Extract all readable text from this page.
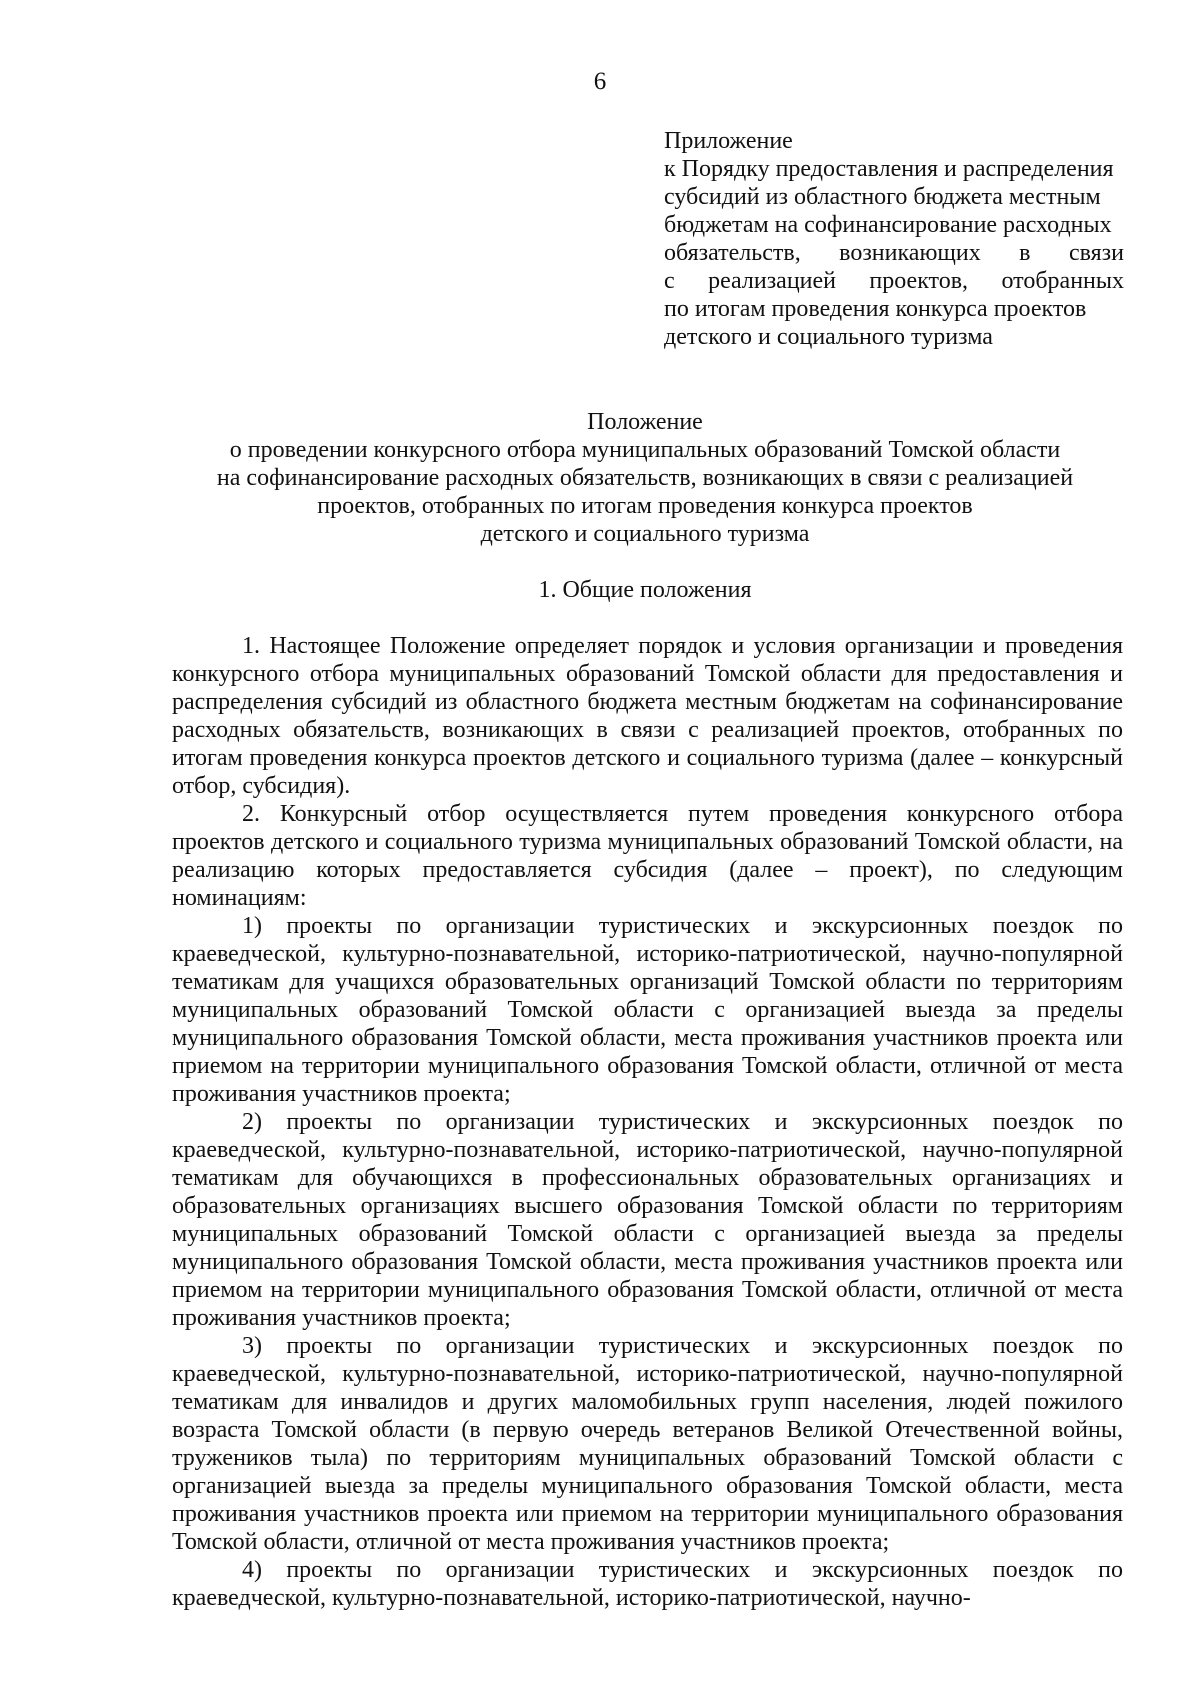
6
Приложение
к Порядку предоставления и распределения
субсидий из областного бюджета местным
бюджетам на софинансирование расходных
обязательств, возникающих в связи
с реализацией проектов, отобранных
по итогам проведения конкурса проектов
детского и социального туризма
Положение
о проведении конкурсного отбора муниципальных образований Томской области
на софинансирование расходных обязательств, возникающих в связи с реализацией
проектов, отобранных по итогам проведения конкурса проектов
детского и социального туризма
1. Общие положения

1. Настоящее Положение определяет порядок и условия организации и проведения конкурсного отбора муниципальных образований Томской области для предоставления и распределения субсидий из областного бюджета местным бюджетам на софинансирование расходных обязательств, возникающих в связи с реализацией проектов, отобранных по итогам проведения конкурса проектов детского и социального туризма (далее – конкурсный отбор, субсидия).

2. Конкурсный отбор осуществляется путем проведения конкурсного отбора проектов детского и социального туризма муниципальных образований Томской области, на реализацию которых предоставляется субсидия (далее – проект), по следующим номинациям:

1) проекты по организации туристических и экскурсионных поездок по краеведческой, культурно-познавательной, историко-патриотической, научно-популярной тематикам для учащихся образовательных организаций Томской области по территориям муниципальных образований Томской области с организацией выезда за пределы муниципального образования Томской области, места проживания участников проекта или приемом на территории муниципального образования Томской области, отличной от места проживания участников проекта;

2) проекты по организации туристических и экскурсионных поездок по краеведческой, культурно-познавательной, историко-патриотической, научно-популярной тематикам для обучающихся в профессиональных образовательных организациях и образовательных организациях высшего образования Томской области по территориям муниципальных образований Томской области с организацией выезда за пределы муниципального образования Томской области, места проживания участников проекта или приемом на территории муниципального образования Томской области, отличной от места проживания участников проекта;

3) проекты по организации туристических и экскурсионных поездок по краеведческой, культурно-познавательной, историко-патриотической, научно-популярной тематикам для инвалидов и других маломобильных групп населения, людей пожилого возраста Томской области (в первую очередь ветеранов Великой Отечественной войны, тружеников тыла) по территориям муниципальных образований Томской области с организацией выезда за пределы муниципального образования Томской области, места проживания участников проекта или приемом на территории муниципального образования Томской области, отличной от места проживания участников проекта;

4) проекты по организации туристических и экскурсионных поездок по краеведческой, культурно-познавательной, историко-патриотической, научно-
